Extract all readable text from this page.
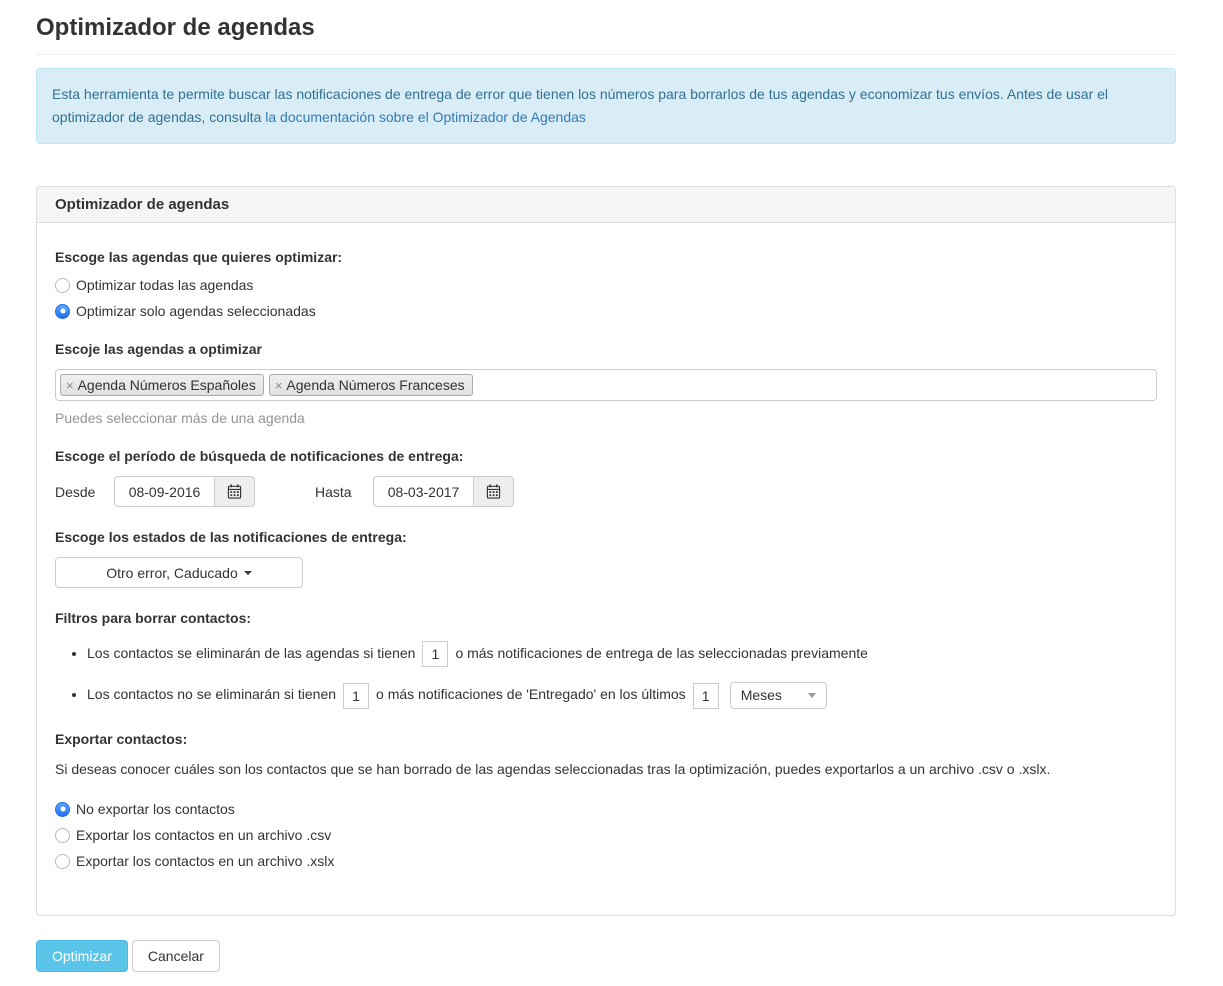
Optimizador de agendas
Esta herramienta te permite buscar las notificaciones de entrega de error que tienen los números para borrarlos de tus agendas y economizar tus envíos. Antes de usar el optimizador de agendas, consulta la documentación sobre el Optimizador de Agendas
Optimizador de agendas
Escoge las agendas que quieres optimizar:
Optimizar todas las agendas
Optimizar solo agendas seleccionadas
Escoje las agendas a optimizar
× Agenda Números Españoles × Agenda Números Franceses
Puedes seleccionar más de una agenda
Escoge el período de búsqueda de notificaciones de entrega:
Desde
08-09-2016	Hasta
08-03-2017
Escoge los estados de las notificaciones de entrega:
Otro error, Caducado
Filtros para borrar contactos:
• Los contactos se eliminarán de las agendas si tienen1	o más notificaciones de entrega de las seleccionadas previamente
• Los contactos no se eliminarán si tienen1	o más notificaciones de 'Entregado' en los últimos1	Meses
Exportar contactos:

Si deseas conocer cuáles son los contactos que se han borrado de las agendas seleccionadas tras la optimización, puedes exportarlos a un archivo .csv o .xslx.

No exportar los contactos
Exportar los contactos en un archivo .csv
Exportar los contactos en un archivo .xslx
Optimizar	Cancelar
